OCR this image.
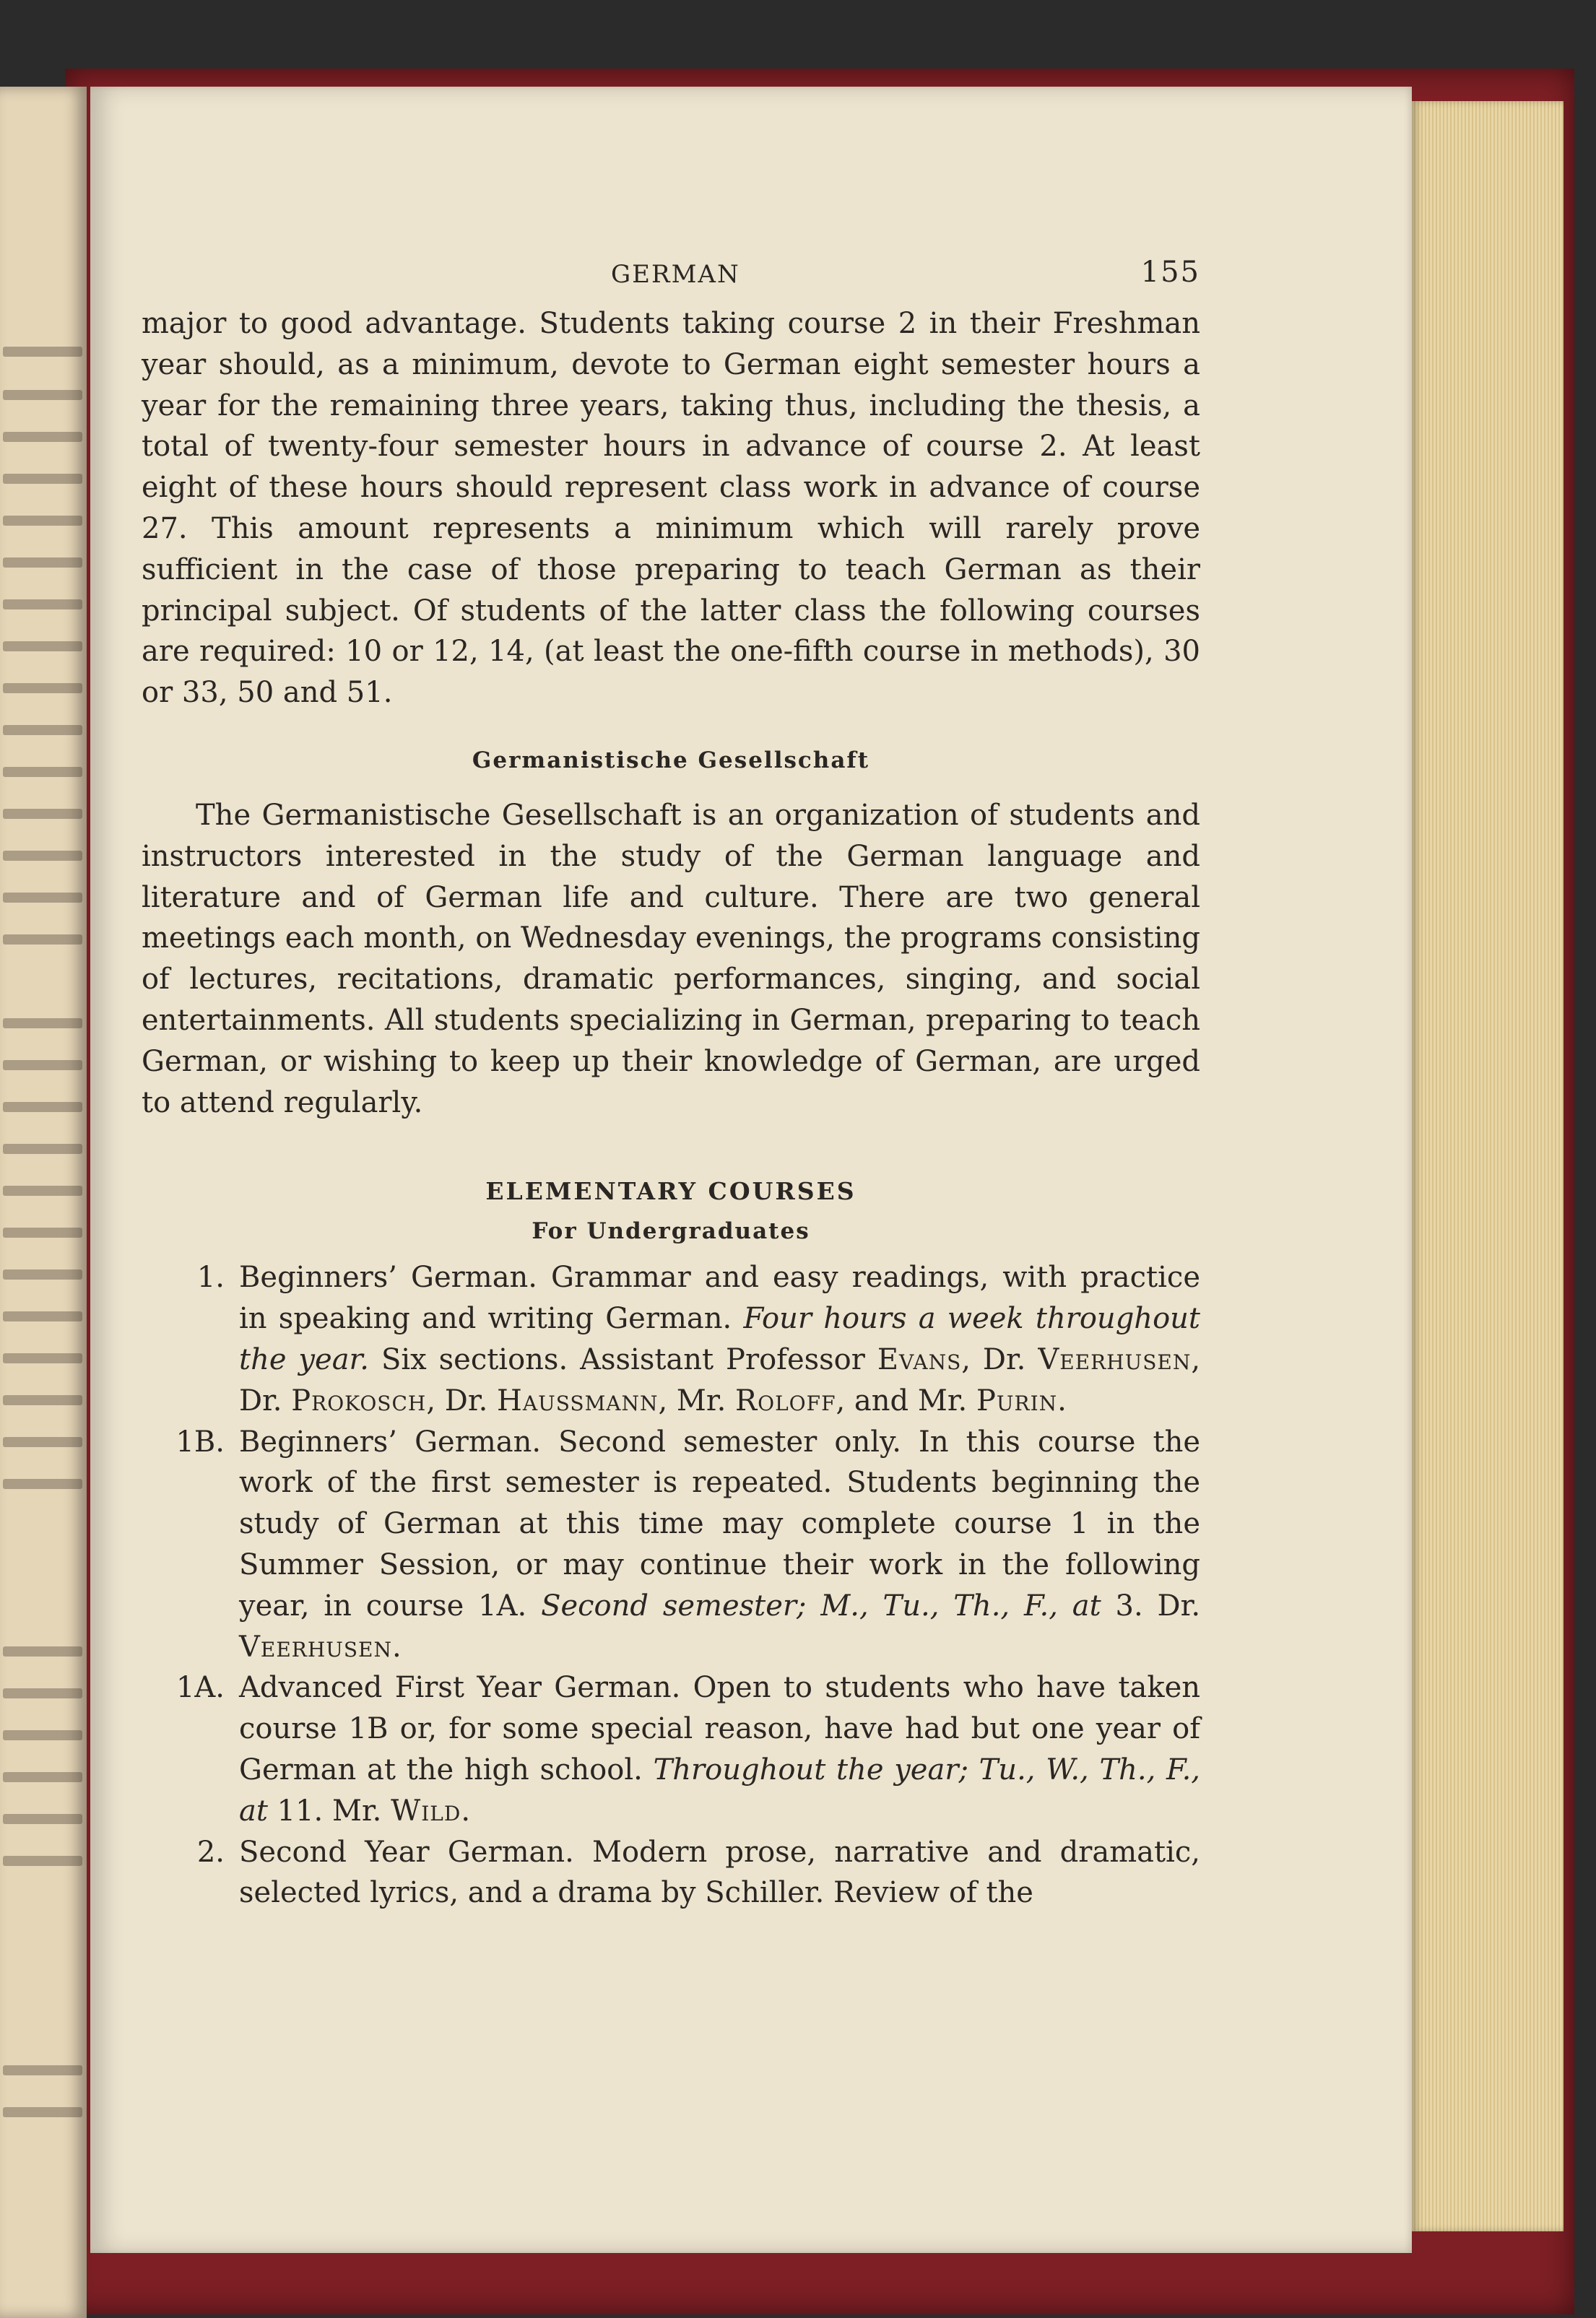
GERMAN	155

major to good advantage. Students taking course 2 in their Freshman year should, as a minimum, devote to German eight semester hours a year for the remaining three years, taking thus, including the thesis, a total of twenty-four semester hours in advance of course 2. At least eight of these hours should represent class work in advance of course 27. This amount represents a minimum which will rarely prove sufficient in the case of those preparing to teach German as their principal subject. Of students of the latter class the following courses are required: 10 or 12, 14, (at least the one-fifth course in methods), 30 or 33, 50 and 51.

Germanistische Gesellschaft

The Germanistische Gesellschaft is an organization of students and instructors interested in the study of the German language and literature and of German life and culture. There are two general meetings each month, on Wednesday evenings, the programs consisting of lectures, recitations, dramatic performances, singing, and social entertainments. All students specializing in German, preparing to teach German, or wishing to keep up their knowledge of German, are urged to attend regularly.

ELEMENTARY COURSES
For Undergraduates
1. Beginners’ German. Grammar and easy readings, with practice in speaking and writing German. Four hours a week throughout the year. Six sections. Assistant Professor Evans, Dr. Veerhusen, Dr. Prokosch, Dr. Haussmann, Mr. Roloff, and Mr. Purin.
1B. Beginners’ German. Second semester only. In this course the work of the first semester is repeated. Students beginning the study of German at this time may complete course 1 in the Summer Session, or may continue their work in the following year, in course 1A. Second semester; M., Tu., Th., F., at 3. Dr. Veerhusen.
1A. Advanced First Year German. Open to students who have taken course 1B or, for some special reason, have had but one year of German at the high school. Throughout the year; Tu., W., Th., F., at 11. Mr. Wild.
2. Second Year German. Modern prose, narrative and dramatic, selected lyrics, and a drama by Schiller. Review of the
